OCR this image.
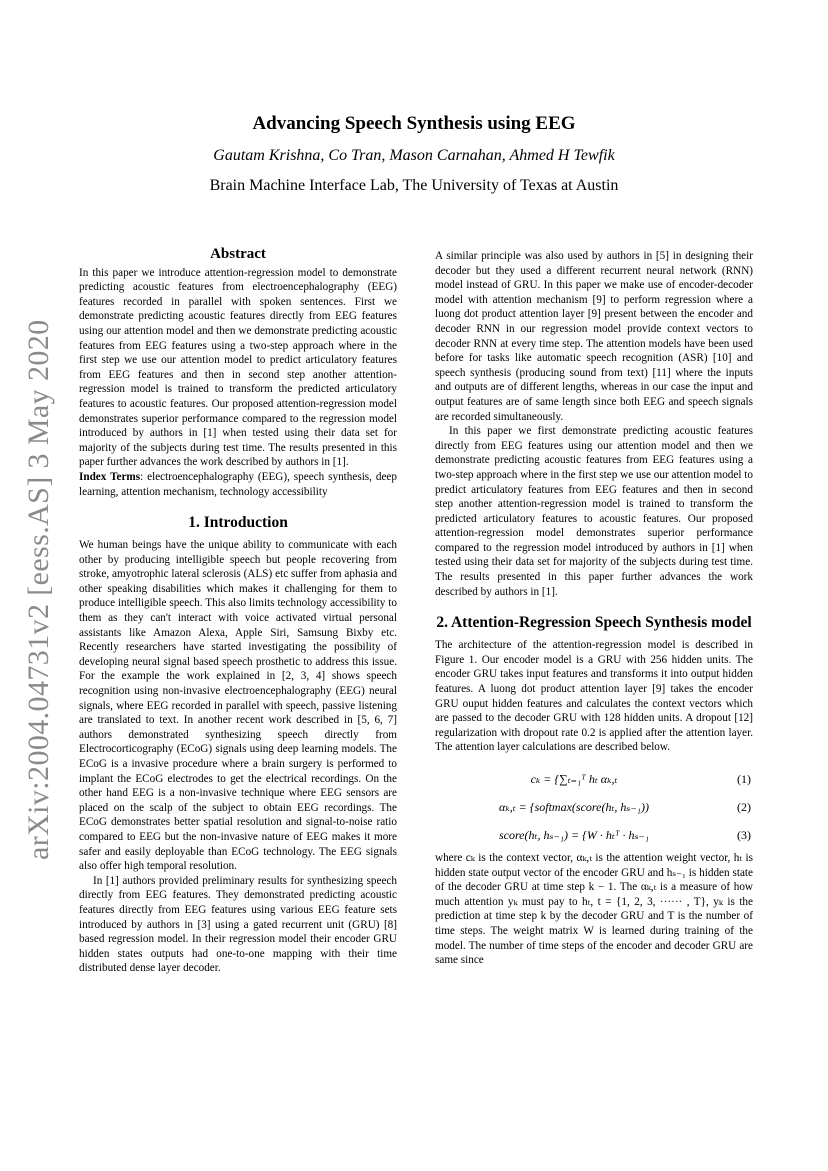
arXiv:2004.04731v2 [eess.AS] 3 May 2020
Advancing Speech Synthesis using EEG
Gautam Krishna, Co Tran, Mason Carnahan, Ahmed H Tewfik
Brain Machine Interface Lab, The University of Texas at Austin
Abstract

In this paper we introduce attention-regression model to demonstrate predicting acoustic features from electroencephalography (EEG) features recorded in parallel with spoken sentences. First we demonstrate predicting acoustic features directly from EEG features using our attention model and then we demonstrate predicting acoustic features from EEG features using a two-step approach where in the first step we use our attention model to predict articulatory features from EEG features and then in second step another attention-regression model is trained to transform the predicted articulatory features to acoustic features. Our proposed attention-regression model demonstrates superior performance compared to the regression model introduced by authors in [1] when tested using their data set for majority of the subjects during test time. The results presented in this paper further advances the work described by authors in [1].

Index Terms: electroencephalography (EEG), speech synthesis, deep learning, attention mechanism, technology accessibility

1. Introduction

We human beings have the unique ability to communicate with each other by producing intelligible speech but people recovering from stroke, amyotrophic lateral sclerosis (ALS) etc suffer from aphasia and other speaking disabilities which makes it challenging for them to produce intelligible speech. This also limits technology accessibility to them as they can't interact with voice activated virtual personal assistants like Amazon Alexa, Apple Siri, Samsung Bixby etc. Recently researchers have started investigating the possibility of developing neural signal based speech prosthetic to address this issue. For the example the work explained in [2, 3, 4] shows speech recognition using non-invasive electroencephalography (EEG) neural signals, where EEG recorded in parallel with speech, passive listening are translated to text. In another recent work described in [5, 6, 7] authors demonstrated synthesizing speech directly from Electrocorticography (ECoG) signals using deep learning models. The ECoG is a invasive procedure where a brain surgery is performed to implant the ECoG electrodes to get the electrical recordings. On the other hand EEG is a non-invasive technique where EEG sensors are placed on the scalp of the subject to obtain EEG recordings. The ECoG demonstrates better spatial resolution and signal-to-noise ratio compared to EEG but the non-invasive nature of EEG makes it more safer and easily deployable than ECoG technology. The EEG signals also offer high temporal resolution.

In [1] authors provided preliminary results for synthesizing speech directly from EEG features. They demonstrated predicting acoustic features directly from EEG features using various EEG feature sets introduced by authors in [3] using a gated recurrent unit (GRU) [8] based regression model. In their regression model their encoder GRU hidden states outputs had one-to-one mapping with their time distributed dense layer decoder.

A similar principle was also used by authors in [5] in designing their decoder but they used a different recurrent neural network (RNN) model instead of GRU. In this paper we make use of encoder-decoder model with attention mechanism [9] to perform regression where a luong dot product attention layer [9] present between the encoder and decoder RNN in our regression model provide context vectors to decoder RNN at every time step. The attention models have been used before for tasks like automatic speech recognition (ASR) [10] and speech synthesis (producing sound from text) [11] where the inputs and outputs are of different lengths, whereas in our case the input and output features are of same length since both EEG and speech signals are recorded simultaneously.

In this paper we first demonstrate predicting acoustic features directly from EEG features using our attention model and then we demonstrate predicting acoustic features from EEG features using a two-step approach where in the first step we use our attention model to predict articulatory features from EEG features and then in second step another attention-regression model is trained to transform the predicted articulatory features to acoustic features. Our proposed attention-regression model demonstrates superior performance compared to the regression model introduced by authors in [1] when tested using their data set for majority of the subjects during test time. The results presented in this paper further advances the work described by authors in [1].

2. Attention-Regression Speech Synthesis model

The architecture of the attention-regression model is described in Figure 1. Our encoder model is a GRU with 256 hidden units. The encoder GRU takes input features and transforms it into output hidden features. A luong dot product attention layer [9] takes the encoder GRU ouput hidden features and calculates the context vectors which are passed to the decoder GRU with 128 hidden units. A dropout [12] regularization with dropout rate 0.2 is applied after the attention layer. The attention layer calculations are described below.

cₖ = {∑ₜ₌₁ᵀ hₜ αₖ,ₜ	(1)
αₖ,ₜ = {softmax(score(hₜ, hₛ₋₁))	(2)
score(hₜ, hₛ₋₁) = {W · hₜᵀ · hₛ₋₁	(3)

where cₖ is the context vector, αₖ,ₜ is the attention weight vector, hₜ is hidden state output vector of the encoder GRU and hₛ₋₁ is hidden state of the decoder GRU at time step k − 1. The αₖ,ₜ is a measure of how much attention yₖ must pay to hₜ, t = {1, 2, 3, ······ , T}, yₖ is the prediction at time step k by the decoder GRU and T is the number of time steps. The weight matrix W is learned during training of the model. The number of time steps of the encoder and decoder GRU are same since
